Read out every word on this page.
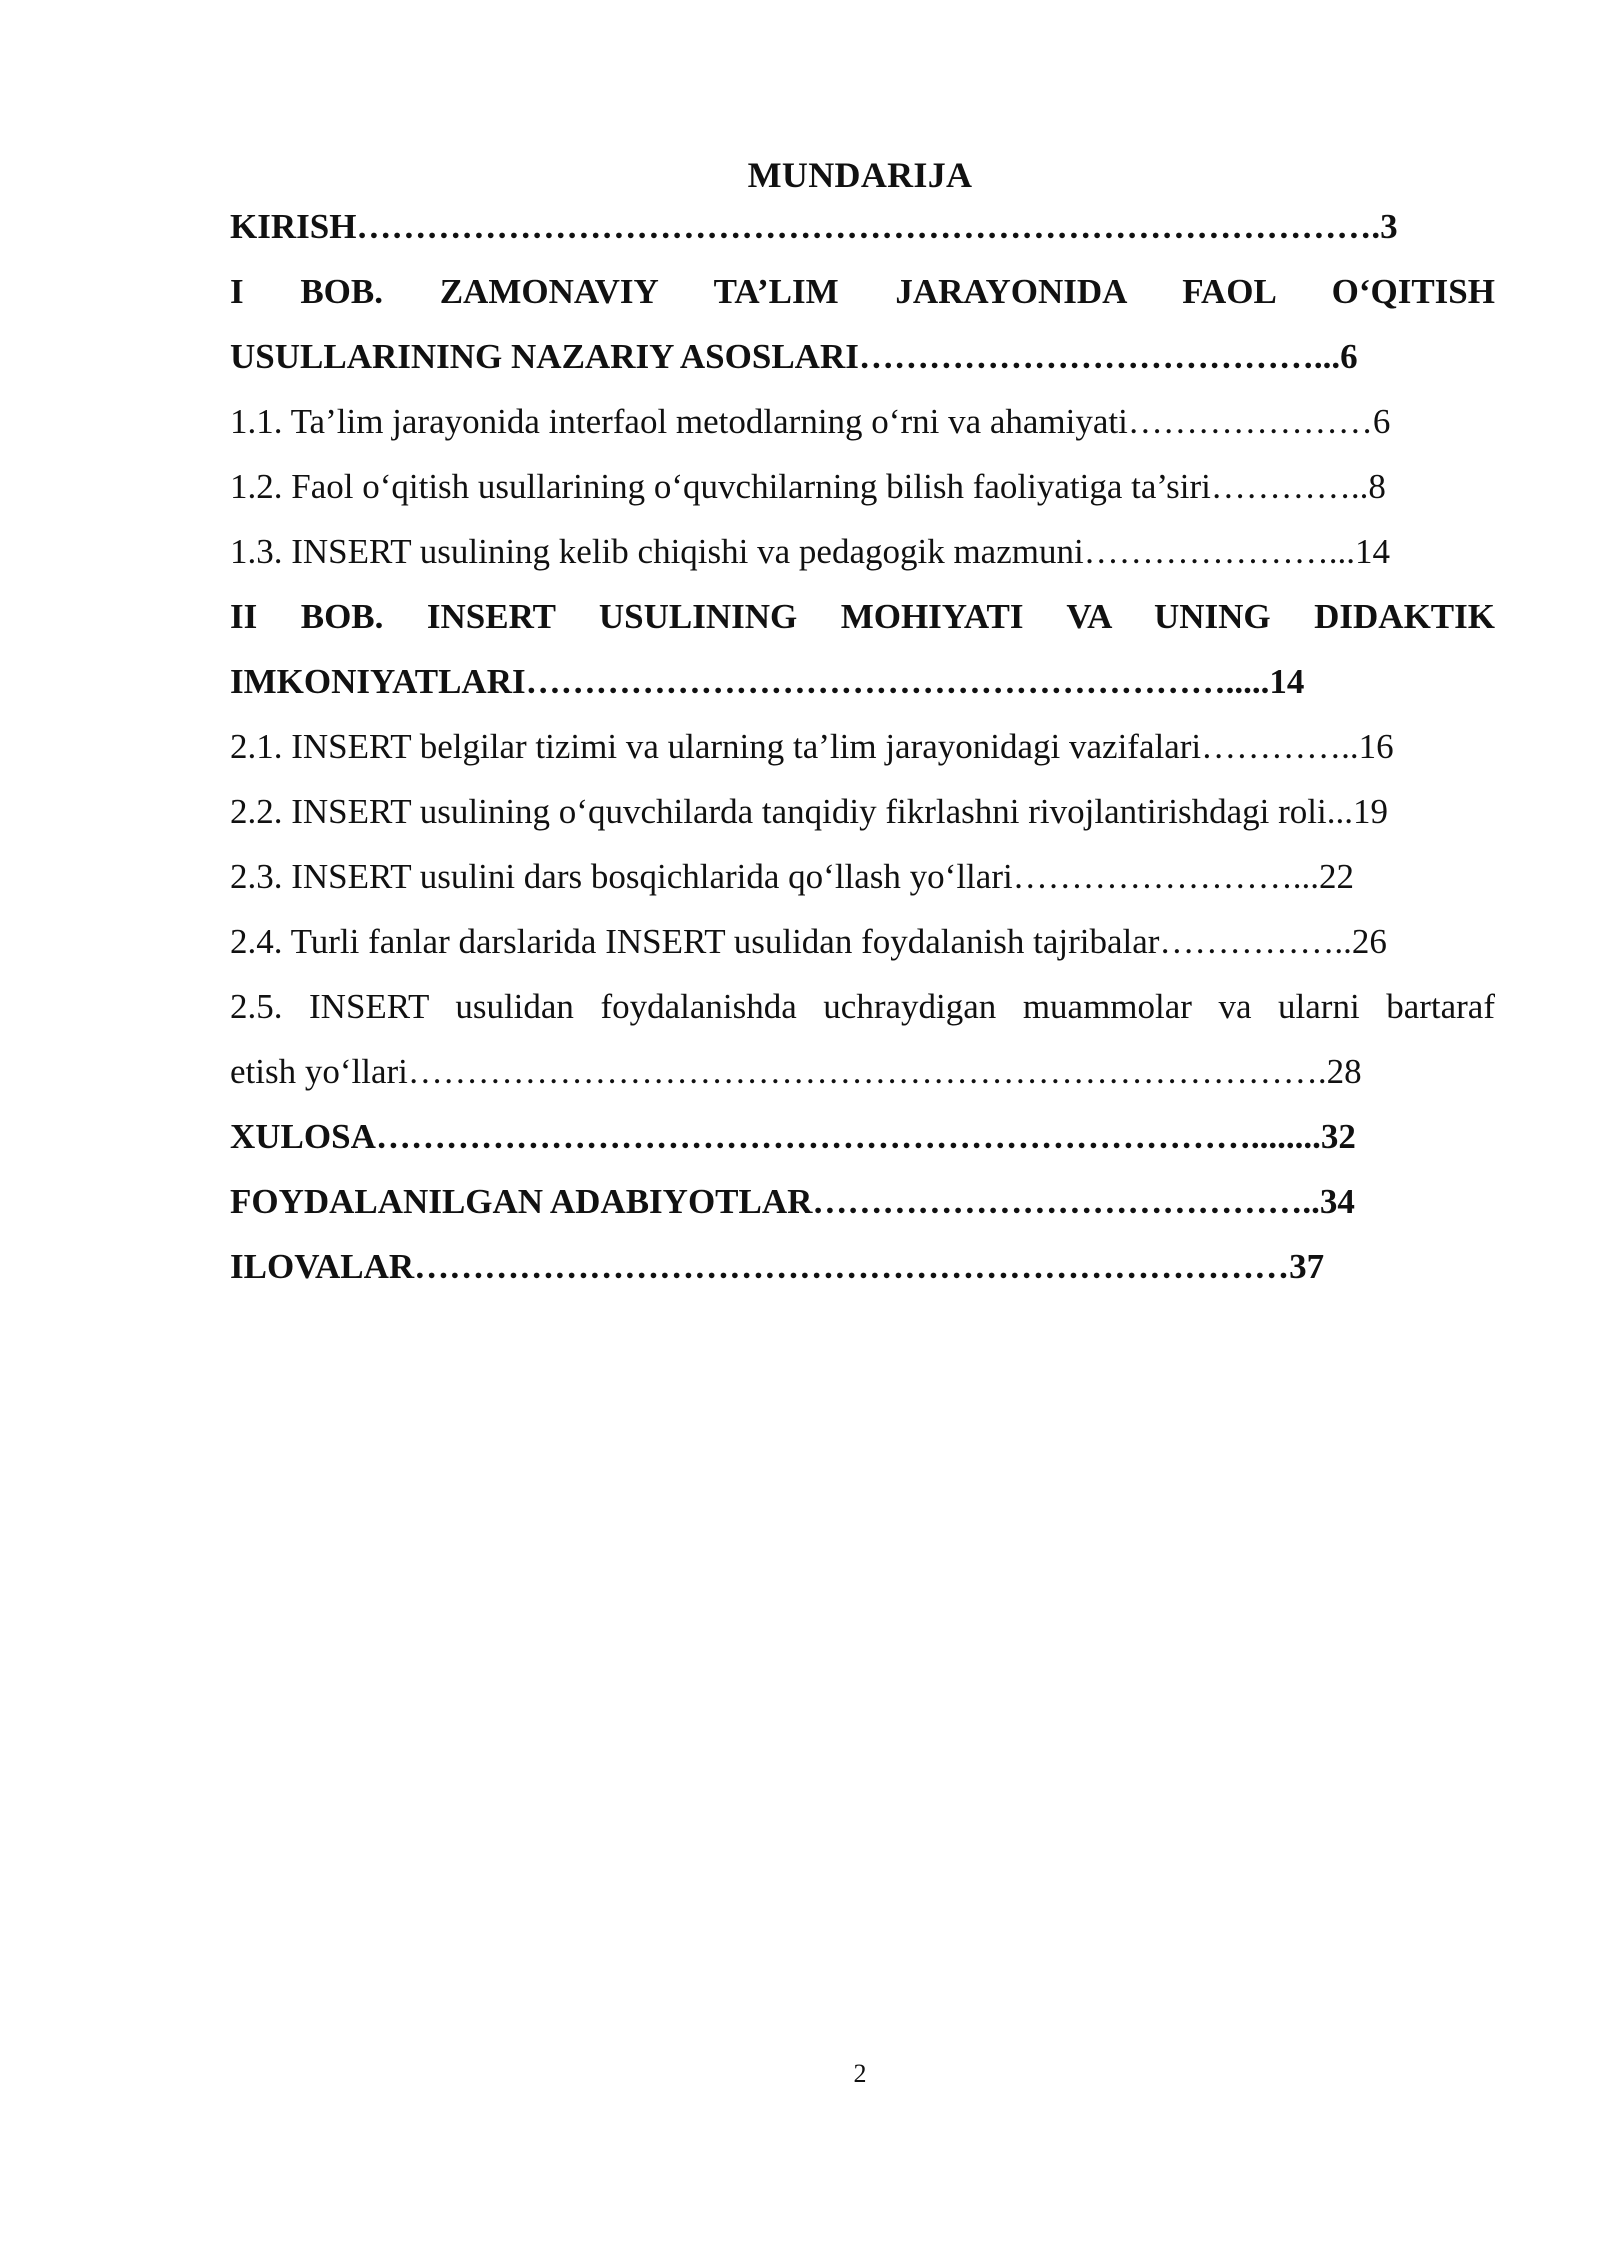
MUNDARIJA
KIRISH…………………………………………………………………………….3
I BOB. ZAMONAVIY TA’LIM JARAYONIDA FAOL O‘QITISH
USULLARINING NAZARIY ASOSLARI…………………………………...6
1.1. Ta’lim jarayonida interfaol metodlarning o‘rni va ahamiyati…………………6
1.2. Faol o‘qitish usullarining o‘quvchilarning bilish faoliyatiga ta’siri…………..8
1.3. INSERT usulining kelib chiqishi va pedagogik mazmuni…………………...14
II BOB. INSERT USULINING MOHIYATI VA UNING DIDAKTIK
IMKONIYATLARI…………………………………………………….....14
2.1. INSERT belgilar tizimi va ularning ta’lim jarayonidagi vazifalari…………..16
2.2. INSERT usulining o‘quvchilarda tanqidiy fikrlashni rivojlantirishdagi roli...19
2.3. INSERT usulini dars bosqichlarida qo‘llash yo‘llari……………………...22
2.4. Turli fanlar darslarida INSERT usulidan foydalanish tajribalar……………..26
2.5. INSERT usulidan foydalanishda uchraydigan muammolar va ularni bartaraf
etish yo‘llari…………………………………………………………………….28
XULOSA…………………………………………………………………........32
FOYDALANILGAN ADABIYOTLAR……………………………………..34
ILOVALAR…………………………………………………………………37
2
